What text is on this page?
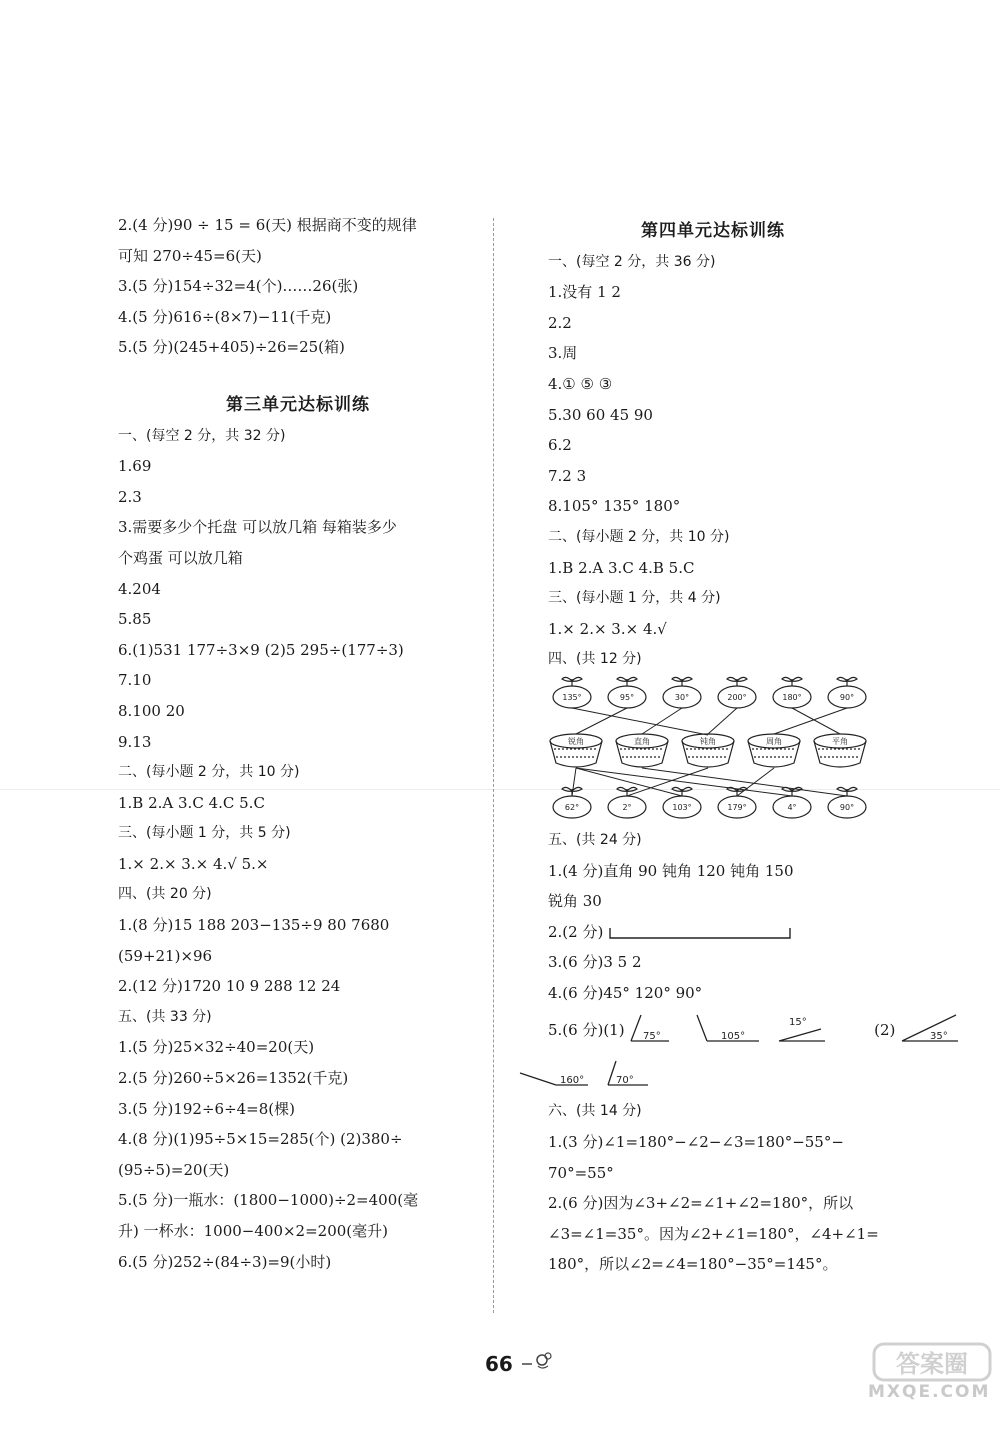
2.(4 分)90 ÷ 15 = 6(天) 根据商不变的规律
可知 270÷45=6(天)
3.(5 分)154÷32=4(个)……26(张)
4.(5 分)616÷(8×7)−11(千克)
5.(5 分)(245+405)÷26=25(箱)
第三单元达标训练
一、(每空 2 分，共 32 分)
1.69
2.3
3.需要多少个托盘 可以放几箱 每箱装多少
个鸡蛋 可以放几箱
4.204
5.85
6.(1)531 177÷3×9 (2)5 295÷(177÷3)
7.10
8.100 20
9.13
二、(每小题 2 分，共 10 分)
1.B 2.A 3.C 4.C 5.C
三、(每小题 1 分，共 5 分)
1.× 2.× 3.× 4.√ 5.×
四、(共 20 分)
1.(8 分)15 188 203−135÷9 80 7680
(59+21)×96
2.(12 分)1720 10 9 288 12 24
五、(共 33 分)
1.(5 分)25×32÷40=20(天)
2.(5 分)260÷5×26=1352(千克)
3.(5 分)192÷6÷4=8(棵)
4.(8 分)(1)95÷5×15=285(个) (2)380÷
(95÷5)=20(天)
5.(5 分)一瓶水：(1800−1000)÷2=400(毫
升) 一杯水：1000−400×2=200(毫升)
6.(5 分)252÷(84÷3)=9(小时)
第四单元达标训练
一、(每空 2 分，共 36 分)
1.没有 1 2
2.2
3.周
4.① ⑤ ③
5.30 60 45 90
6.2
7.2 3
8.105° 135° 180°
二、(每小题 2 分，共 10 分)
1.B 2.A 3.C 4.B 5.C
三、(每小题 1 分，共 4 分)
1.× 2.× 3.× 4.√
四、(共 12 分)
135°	95°	30°	200°	180°	90°
锐角	直角	钝角	周角	平角
62°	2°	103°	179°	4°	90°
五、(共 24 分)
1.(4 分)直角 90 钝角 120 钝角 150
锐角 30
2.(2 分)
3.(6 分)3 5 2
4.(6 分)45° 120° 90°
5.(6 分)(1) 75°	105°
15°	(2)	35°
160°	70°
六、(共 14 分)
1.(3 分)∠1=180°−∠2−∠3=180°−55°−
70°=55°
2.(6 分)因为∠3+∠2=∠1+∠2=180°，所以
∠3=∠1=35°。因为∠2+∠1=180°，∠4+∠1=
180°，所以∠2=∠4=180°−35°=145°。
66	答案圈
MXQE.COM
